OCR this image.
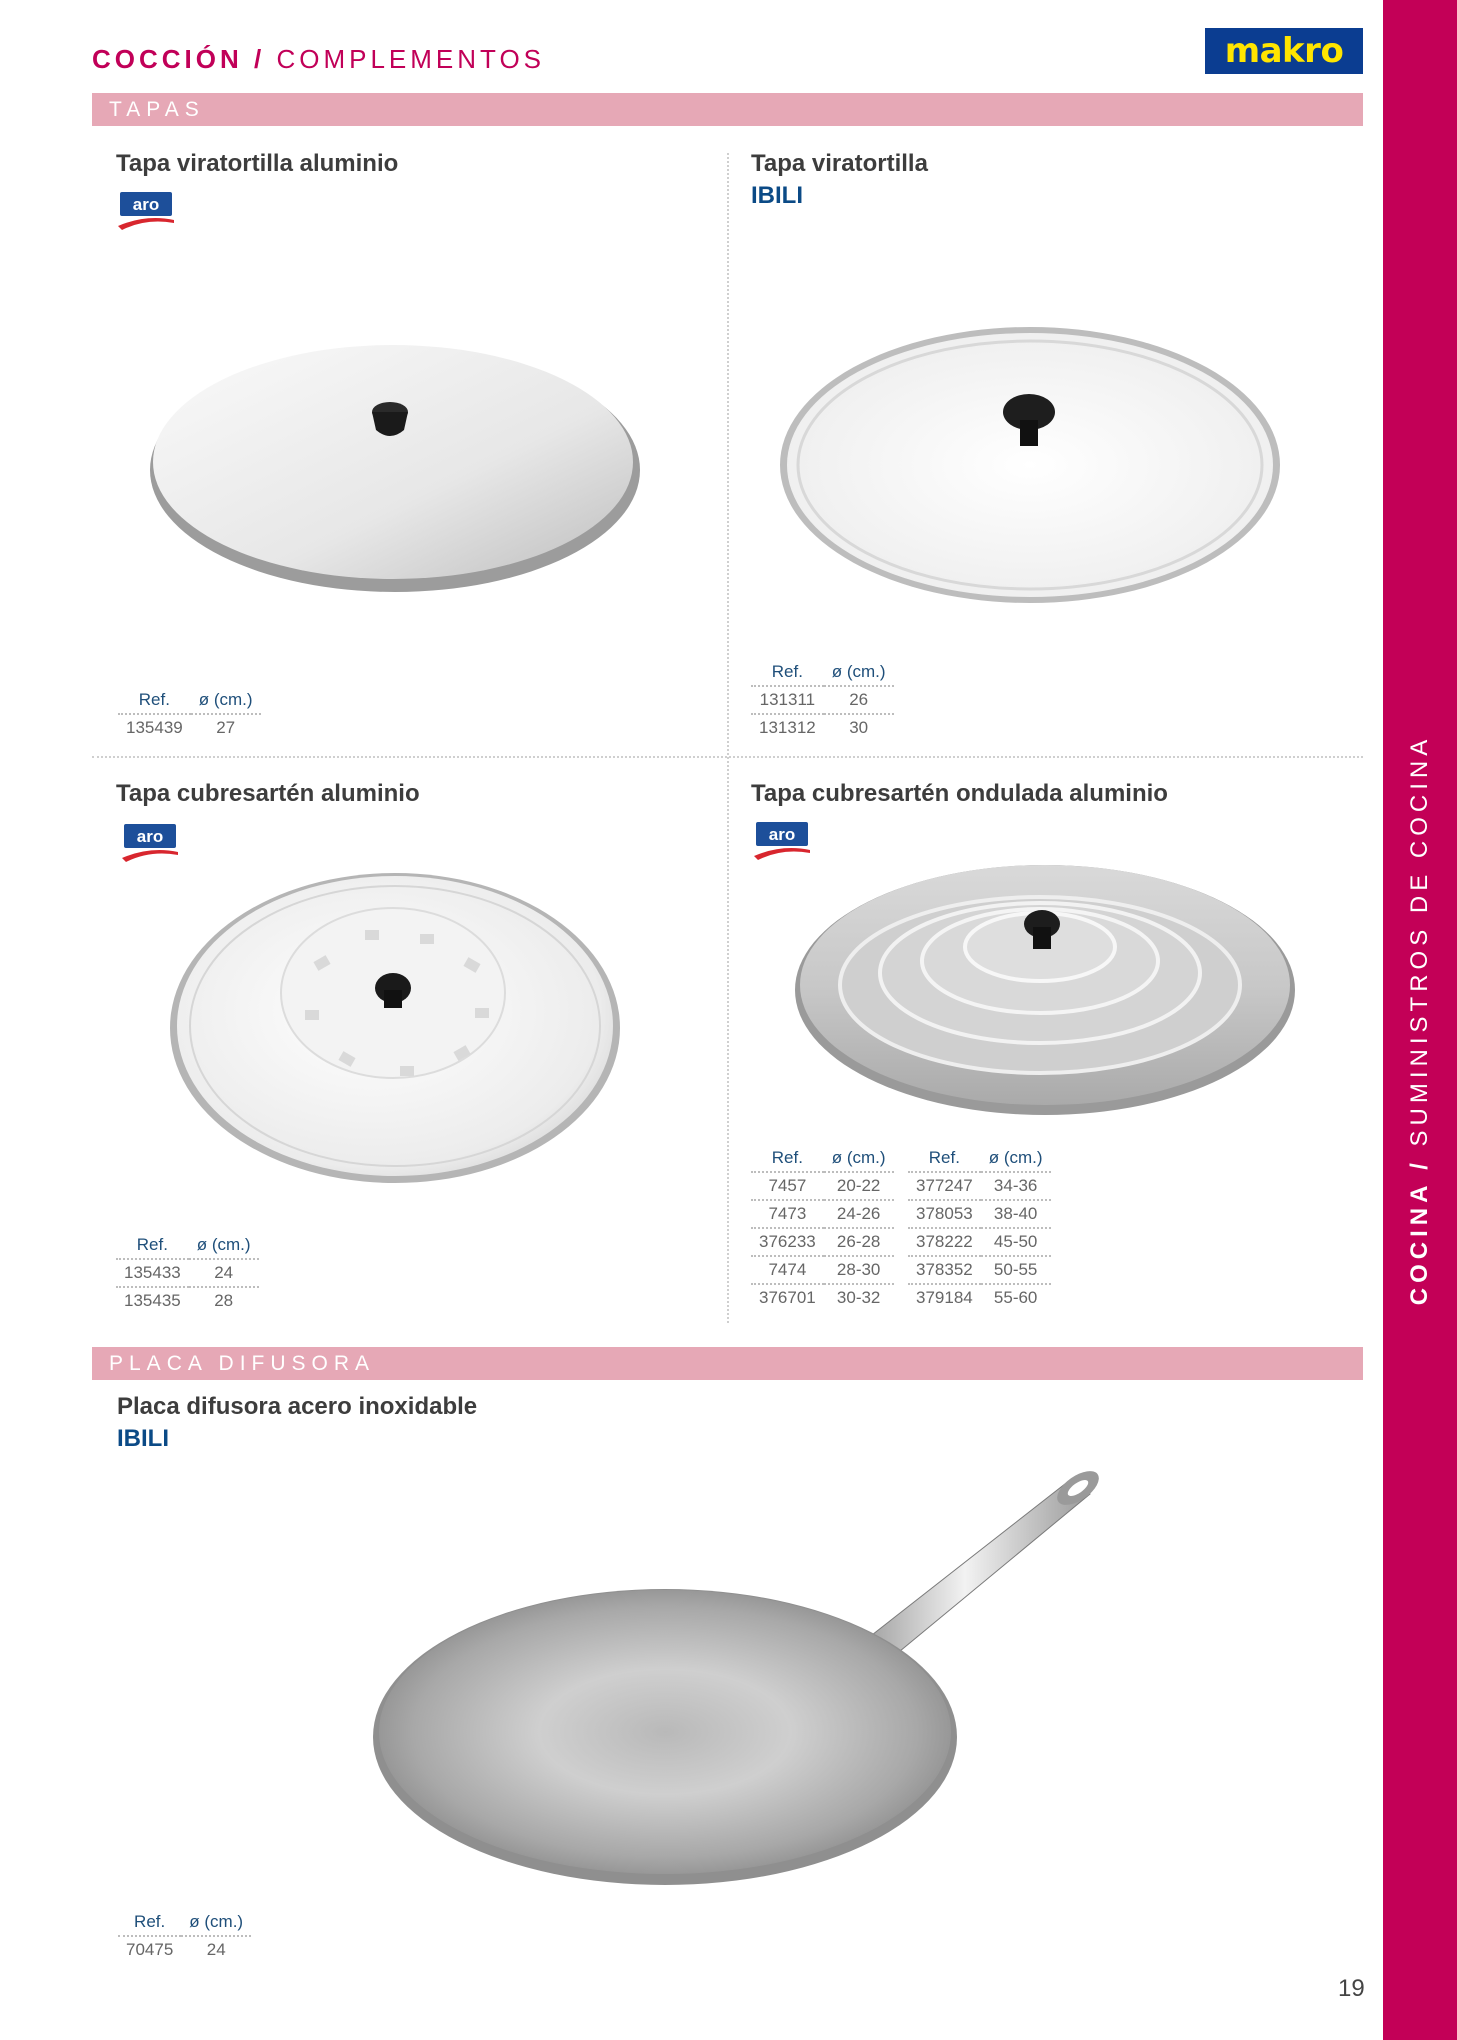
COCINA / SUMINISTROS DE COCINA
COCCIÓN / COMPLEMENTOS	makro
TAPAS
Tapa viratortilla aluminio
aro
Ref.	ø (cm.)
135439	27
Tapa viratortilla
IBILI
Ref.	ø (cm.)
131311	26
131312	30
Tapa cubresartén aluminio
aro
Ref.	ø (cm.)
135433	24
135435	28
Tapa cubresartén ondulada aluminio
aro
Ref.	ø (cm.)
7457	20-22
7473	24-26
376233	26-28
7474	28-30
376701	30-32
Ref.	ø (cm.)
377247	34-36
378053	38-40
378222	45-50
378352	50-55
379184	55-60
PLACA DIFUSORA
Placa difusora acero inoxidable
IBILI
Ref.	ø (cm.)
70475	24
19
